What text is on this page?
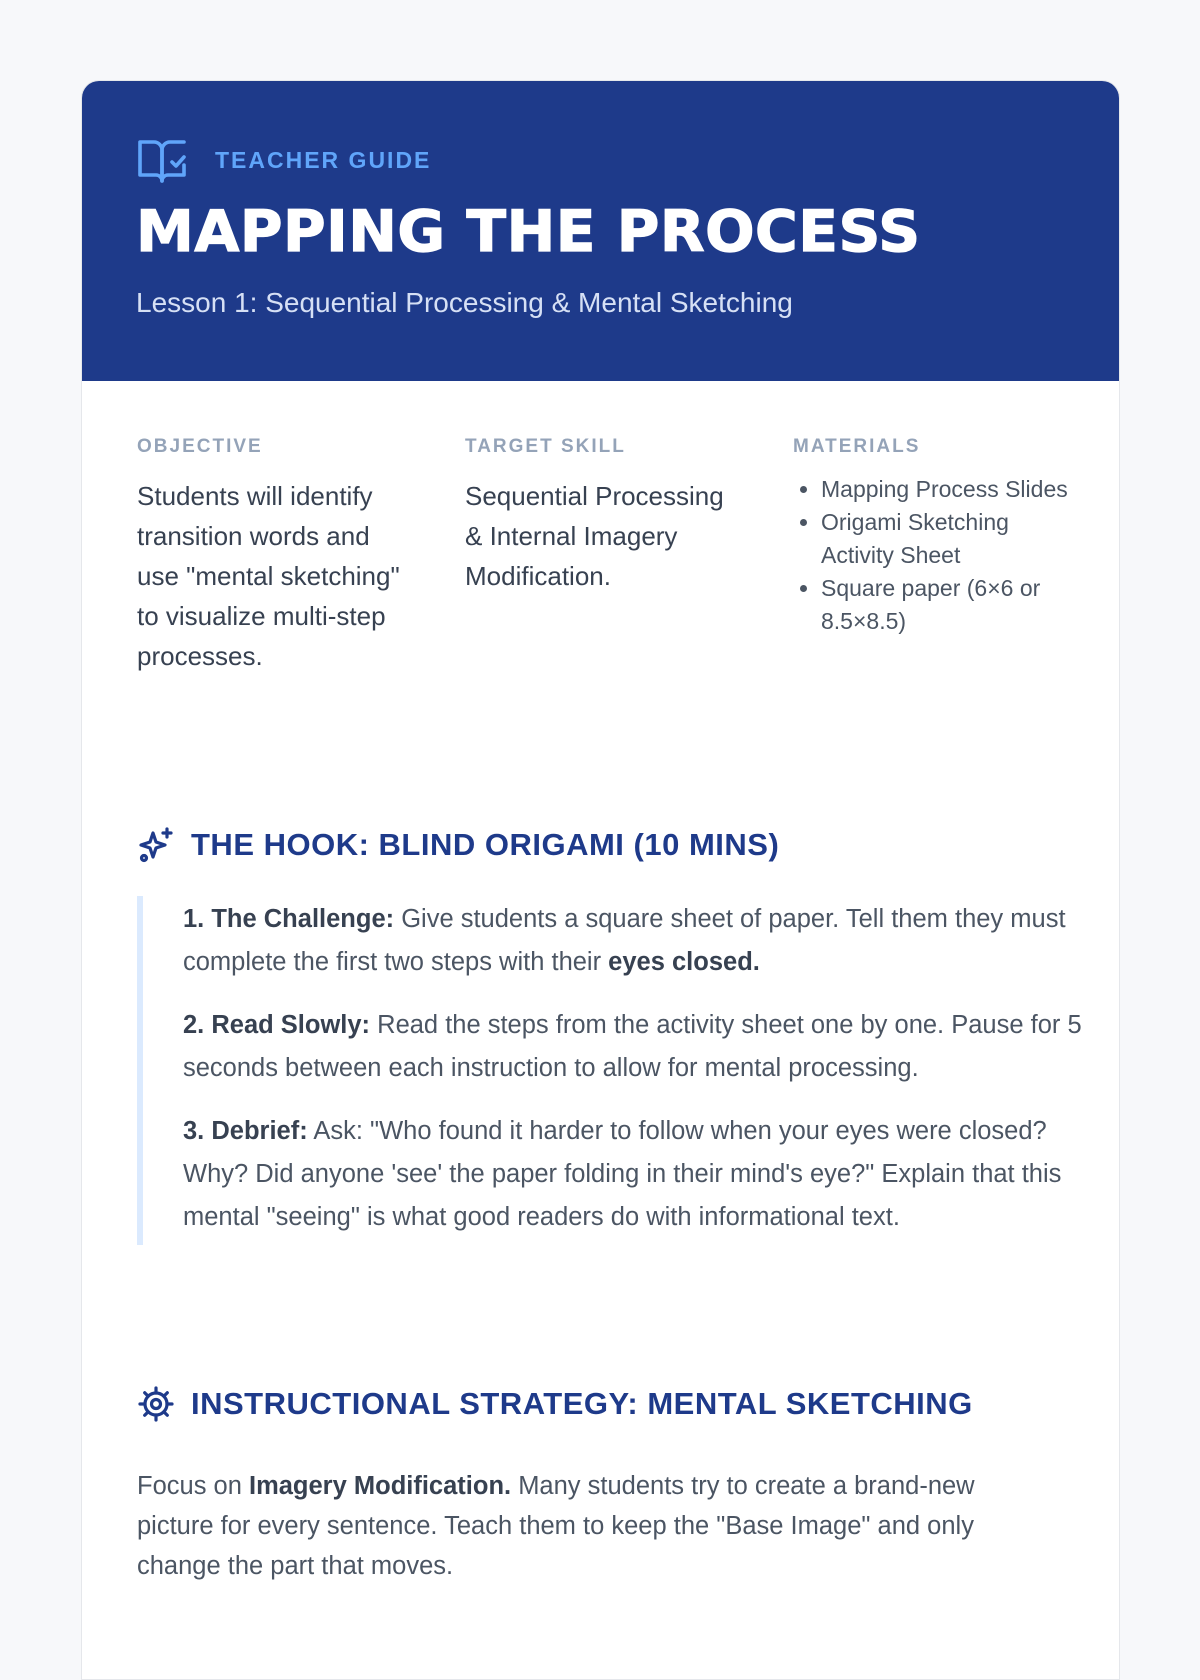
TEACHER GUIDE
MAPPING THE PROCESS
Lesson 1: Sequential Processing & Mental Sketching
OBJECTIVE
Students will identify transition words and use "mental sketching" to visualize multi-step processes.
TARGET SKILL
Sequential Processing & Internal Imagery Modification.
MATERIALS
• Mapping Process Slides
• Origami Sketching Activity Sheet
• Square paper (6×6 or 8.5×8.5)
THE HOOK: BLIND ORIGAMI (10 MINS)

1. The Challenge: Give students a square sheet of paper. Tell them they must complete the first two steps with their eyes closed.

2. Read Slowly: Read the steps from the activity sheet one by one. Pause for 5 seconds between each instruction to allow for mental processing.

3. Debrief: Ask: "Who found it harder to follow when your eyes were closed? Why? Did anyone 'see' the paper folding in their mind's eye?" Explain that this mental "seeing" is what good readers do with informational text.

INSTRUCTIONAL STRATEGY: MENTAL SKETCHING

Focus on Imagery Modification. Many students try to create a brand-new picture for every sentence. Teach them to keep the "Base Image" and only change the part that moves.
